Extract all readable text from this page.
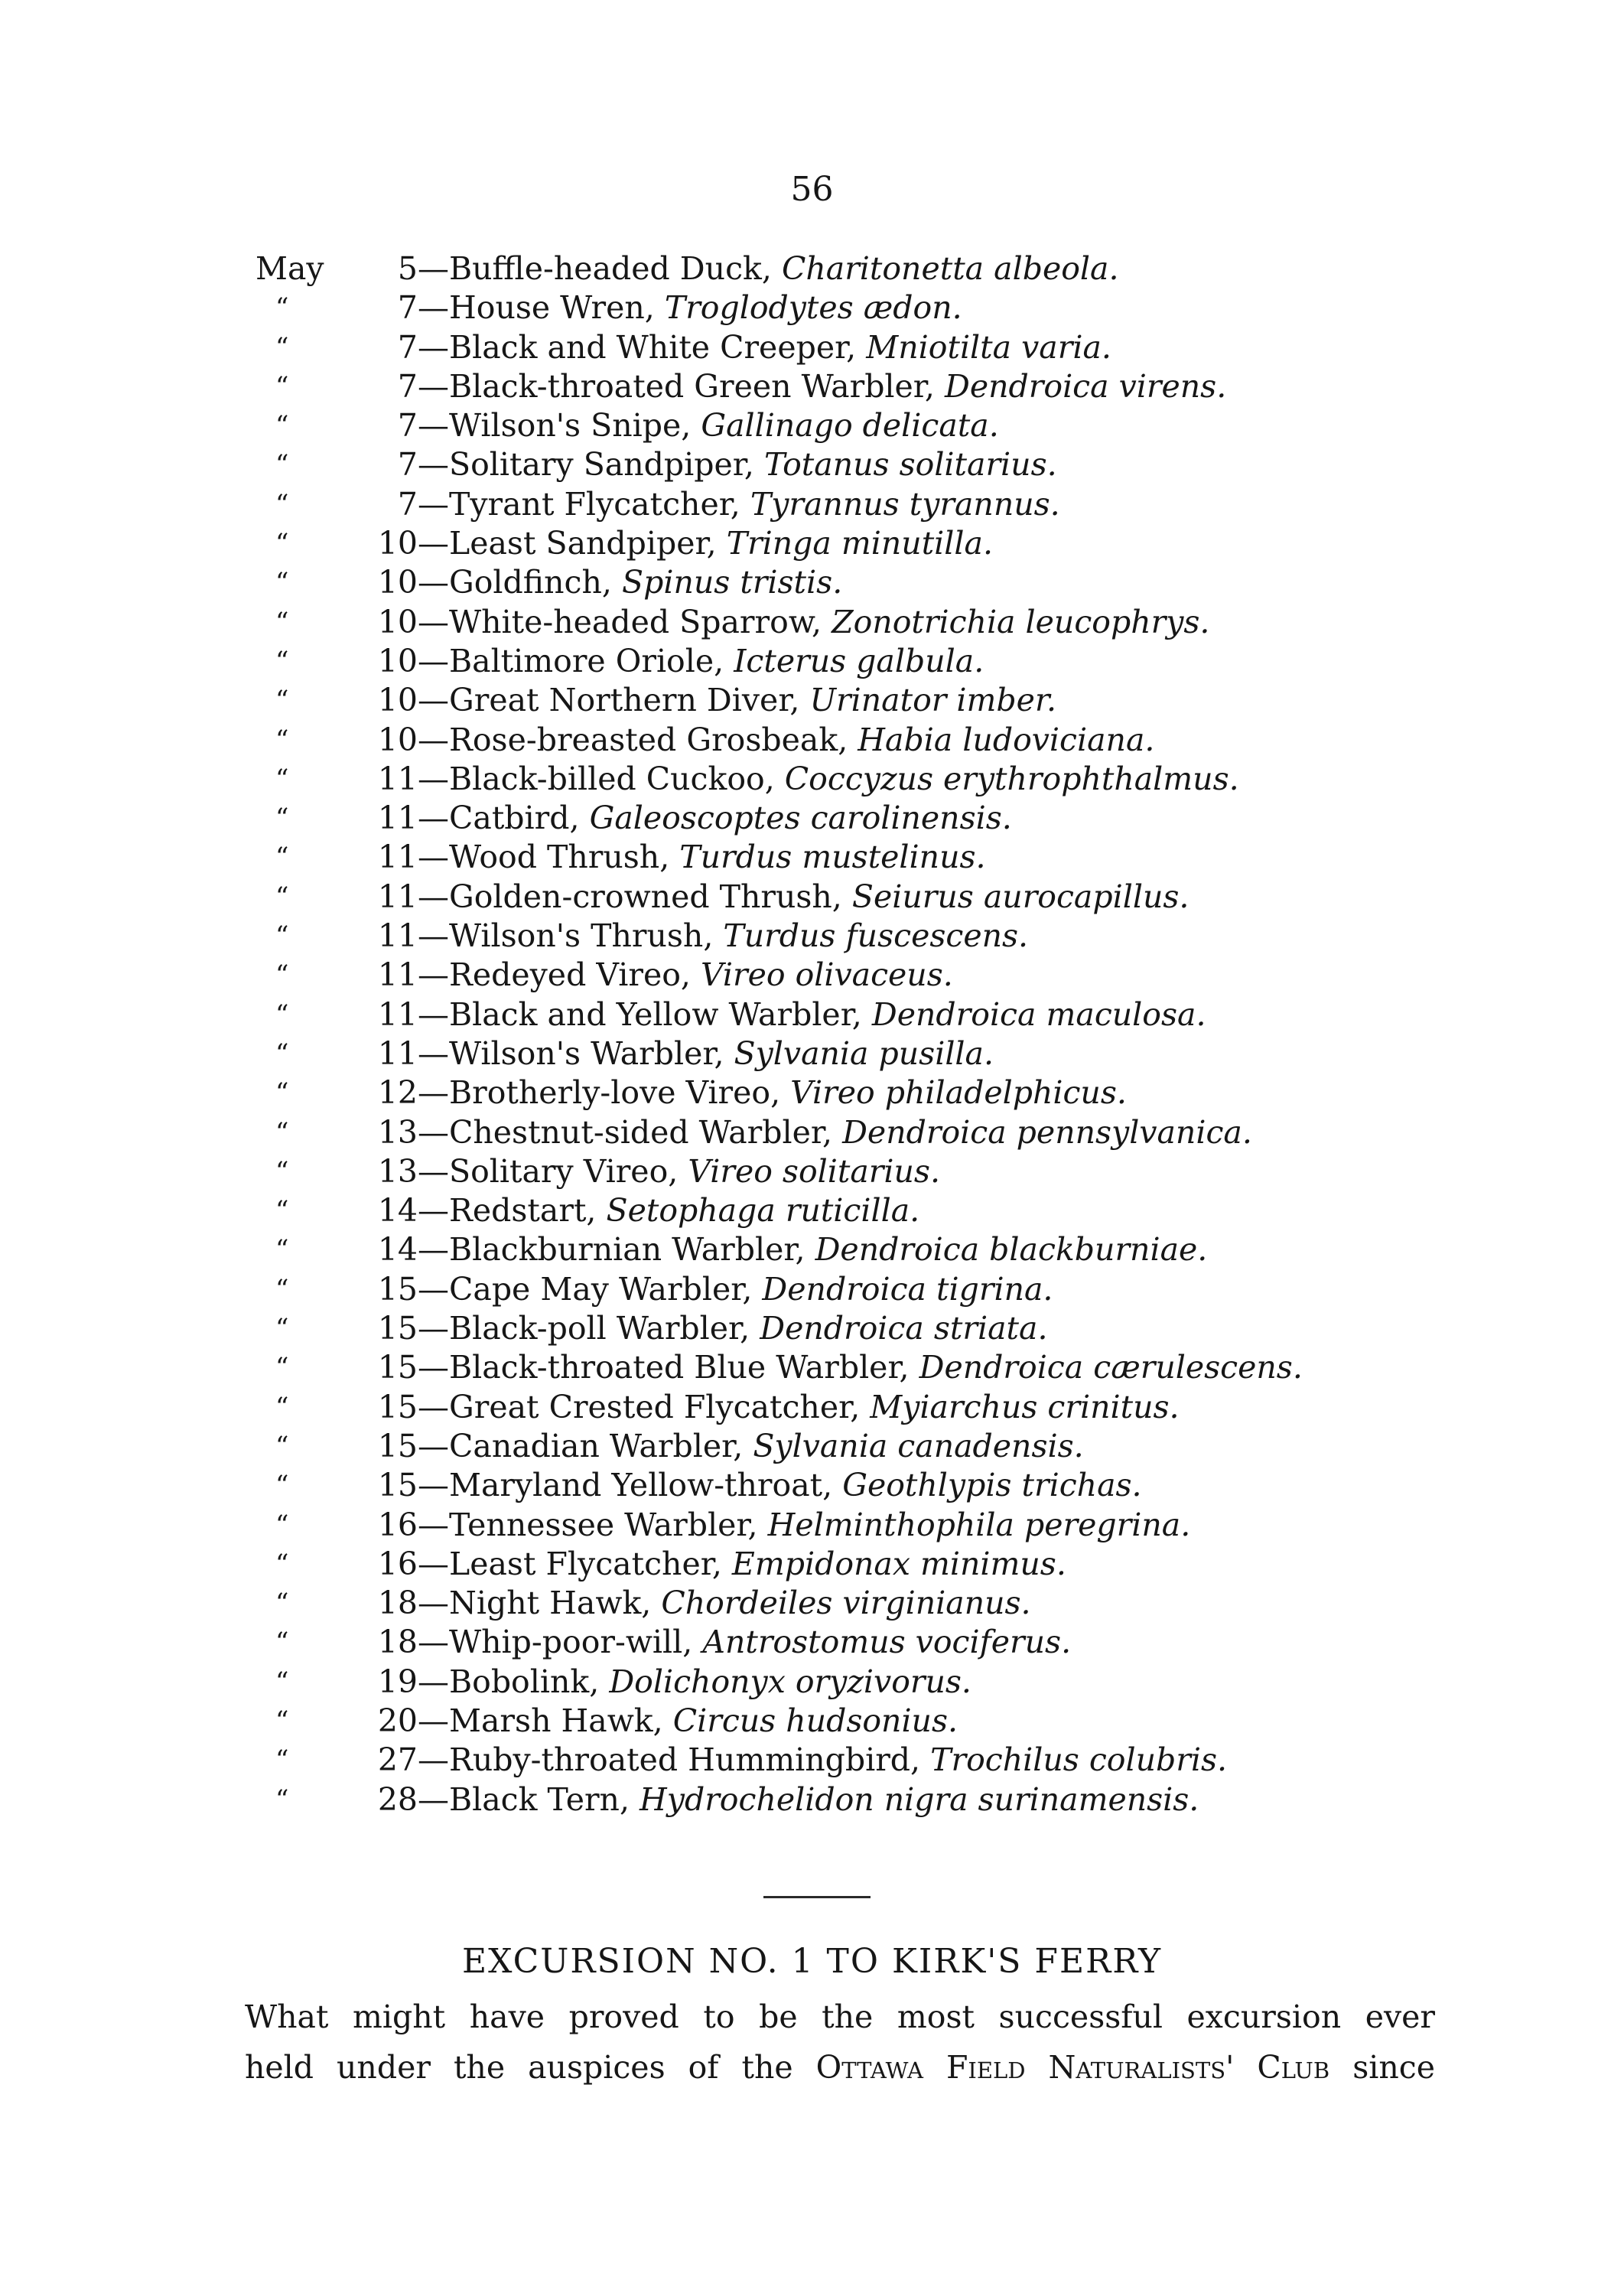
56
May	5 —Buffle-headed Duck, Charitonetta albeola.
“	7 —House Wren, Troglodytes ædon.
“	7 —Black and White Creeper, Mniotilta varia.
“	7 —Black-throated Green Warbler, Dendroica virens.
“	7 —Wilson's Snipe, Gallinago delicata.
“	7 —Solitary Sandpiper, Totanus solitarius.
“	7 —Tyrant Flycatcher, Tyrannus tyrannus.
“	10 —Least Sandpiper, Tringa minutilla.
“	10 —Goldfinch, Spinus tristis.
“	10 —White-headed Sparrow, Zonotrichia leucophrys.
“	10 —Baltimore Oriole, Icterus galbula.
“	10 —Great Northern Diver, Urinator imber.
“	10 —Rose-breasted Grosbeak, Habia ludoviciana.
“	11 —Black-billed Cuckoo, Coccyzus erythrophthalmus.
“	11 —Catbird, Galeoscoptes carolinensis.
“	11 —Wood Thrush, Turdus mustelinus.
“	11 —Golden-crowned Thrush, Seiurus aurocapillus.
“	11 —Wilson's Thrush, Turdus fuscescens.
“	11 —Redeyed Vireo, Vireo olivaceus.
“	11 —Black and Yellow Warbler, Dendroica maculosa.
“	11 —Wilson's Warbler, Sylvania pusilla.
“	12 —Brotherly-love Vireo, Vireo philadelphicus.
“	13 —Chestnut-sided Warbler, Dendroica pennsylvanica.
“	13 —Solitary Vireo, Vireo solitarius.
“	14 —Redstart, Setophaga ruticilla.
“	14 —Blackburnian Warbler, Dendroica blackburniae.
“	15 —Cape May Warbler, Dendroica tigrina.
“	15 —Black-poll Warbler, Dendroica striata.
“	15 —Black-throated Blue Warbler, Dendroica cærulescens.
“	15 —Great Crested Flycatcher, Myiarchus crinitus.
“	15 —Canadian Warbler, Sylvania canadensis.
“	15 —Maryland Yellow-throat, Geothlypis trichas.
“	16 —Tennessee Warbler, Helminthophila peregrina.
“	16 —Least Flycatcher, Empidonax minimus.
“	18 —Night Hawk, Chordeiles virginianus.
“	18 —Whip-poor-will, Antrostomus vociferus.
“	19 —Bobolink, Dolichonyx oryzivorus.
“	20 —Marsh Hawk, Circus hudsonius.
“	27 —Ruby-throated Hummingbird, Trochilus colubris.
“	28 —Black Tern, Hydrochelidon nigra surinamensis.
EXCURSION NO. 1 TO KIRK'S FERRY
What might have proved to be the most successful excursion ever
held under the auspices of the Ottawa Field Naturalists' Club since
